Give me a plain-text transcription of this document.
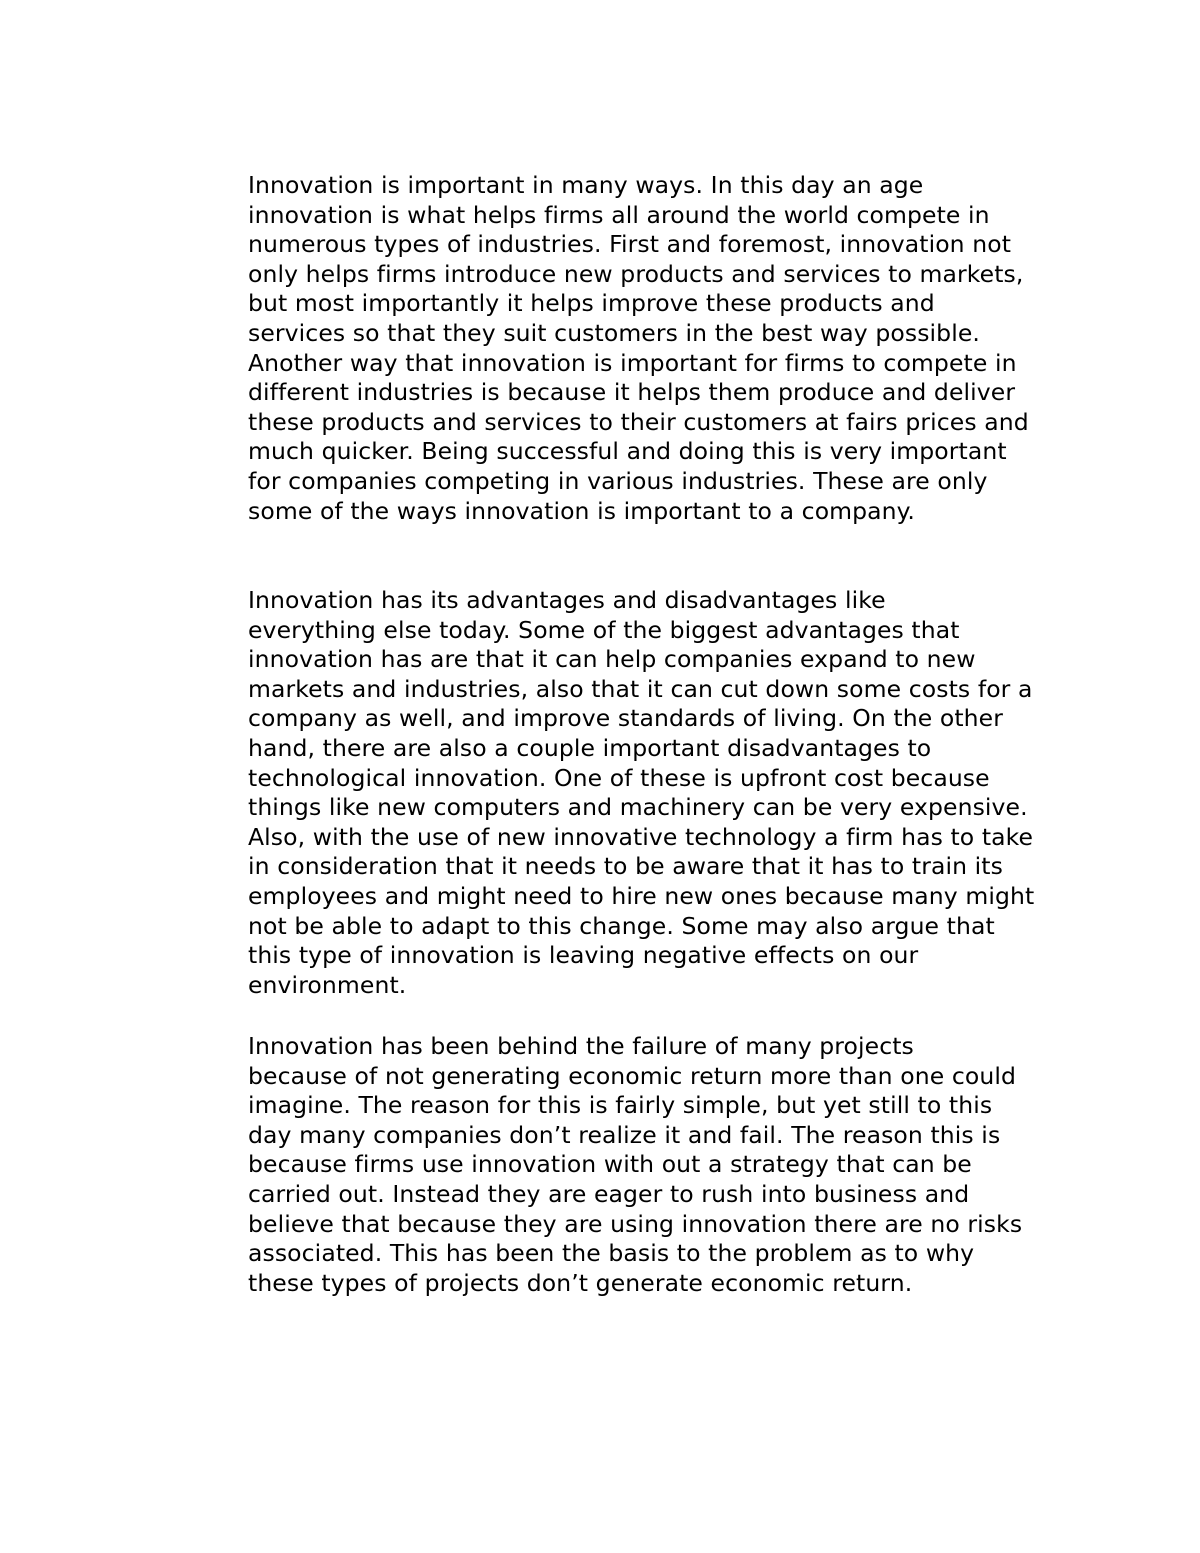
Innovation is important in many ways. In this day an age
innovation is what helps firms all around the world compete in
numerous types of industries. First and foremost, innovation not
only helps firms introduce new products and services to markets,
but most importantly it helps improve these products and
services so that they suit customers in the best way possible.
Another way that innovation is important for firms to compete in
different industries is because it helps them produce and deliver
these products and services to their customers at fairs prices and
much quicker. Being successful and doing this is very important
for companies competing in various industries. These are only
some of the ways innovation is important to a company.

Innovation has its advantages and disadvantages like
everything else today. Some of the biggest advantages that
innovation has are that it can help companies expand to new
markets and industries, also that it can cut down some costs for a
company as well, and improve standards of living. On the other
hand, there are also a couple important disadvantages to
technological innovation. One of these is upfront cost because
things like new computers and machinery can be very expensive.
Also, with the use of new innovative technology a firm has to take
in consideration that it needs to be aware that it has to train its
employees and might need to hire new ones because many might
not be able to adapt to this change. Some may also argue that
this type of innovation is leaving negative effects on our
environment.

Innovation has been behind the failure of many projects
because of not generating economic return more than one could
imagine. The reason for this is fairly simple, but yet still to this
day many companies don’t realize it and fail. The reason this is
because firms use innovation with out a strategy that can be
carried out. Instead they are eager to rush into business and
believe that because they are using innovation there are no risks
associated. This has been the basis to the problem as to why
these types of projects don’t generate economic return.
